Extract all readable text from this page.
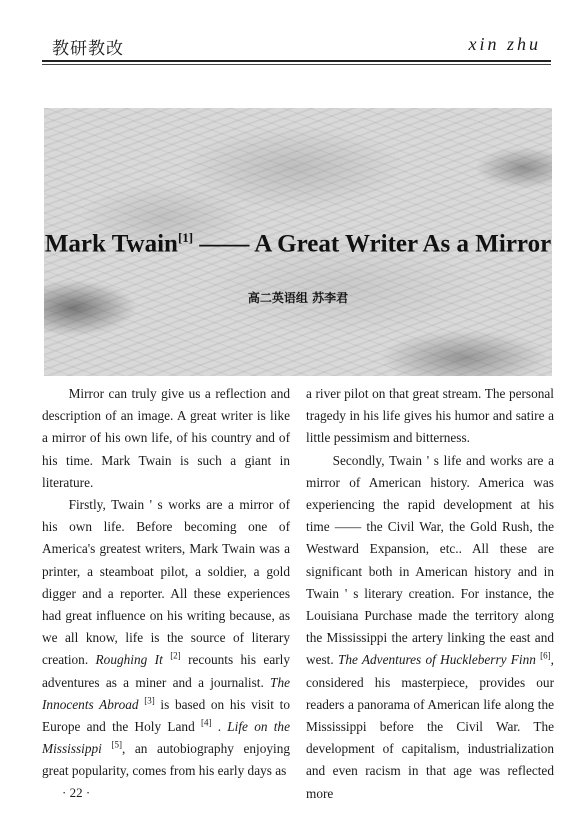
教研教改	xin zhu
Mark Twain[1] —— A Great Writer As a Mirror
高二英语组 苏李君

Mirror can truly give us a reflection and description of an image. A great writer is like a mirror of his own life, of his country and of his time. Mark Twain is such a giant in literature.

Firstly, Twain ' s works are a mirror of his own life. Before becoming one of America's greatest writers, Mark Twain was a printer, a steamboat pilot, a soldier, a gold digger and a reporter. All these experiences had great influence on his writing because, as we all know, life is the source of literary creation. Roughing It [2] recounts his early adventures as a miner and a journalist. The Innocents Abroad [3] is based on his visit to Europe and the Holy Land [4] . Life on the Mississippi [5], an autobiography enjoying great popularity, comes from his early days as

a river pilot on that great stream. The personal tragedy in his life gives his humor and satire a little pessimism and bitterness.

Secondly, Twain ' s life and works are a mirror of American history. America was experiencing the rapid development at his time —— the Civil War, the Gold Rush, the Westward Expansion, etc.. All these are significant both in American history and in Twain ' s literary creation. For instance, the Louisiana Purchase made the territory along the Mississippi the artery linking the east and west. The Adventures of Huckleberry Finn [6], considered his masterpiece, provides our readers a panorama of American life along the Mississippi before the Civil War. The development of capitalism, industrialization and even racism in that age was reflected more

· 22 ·
